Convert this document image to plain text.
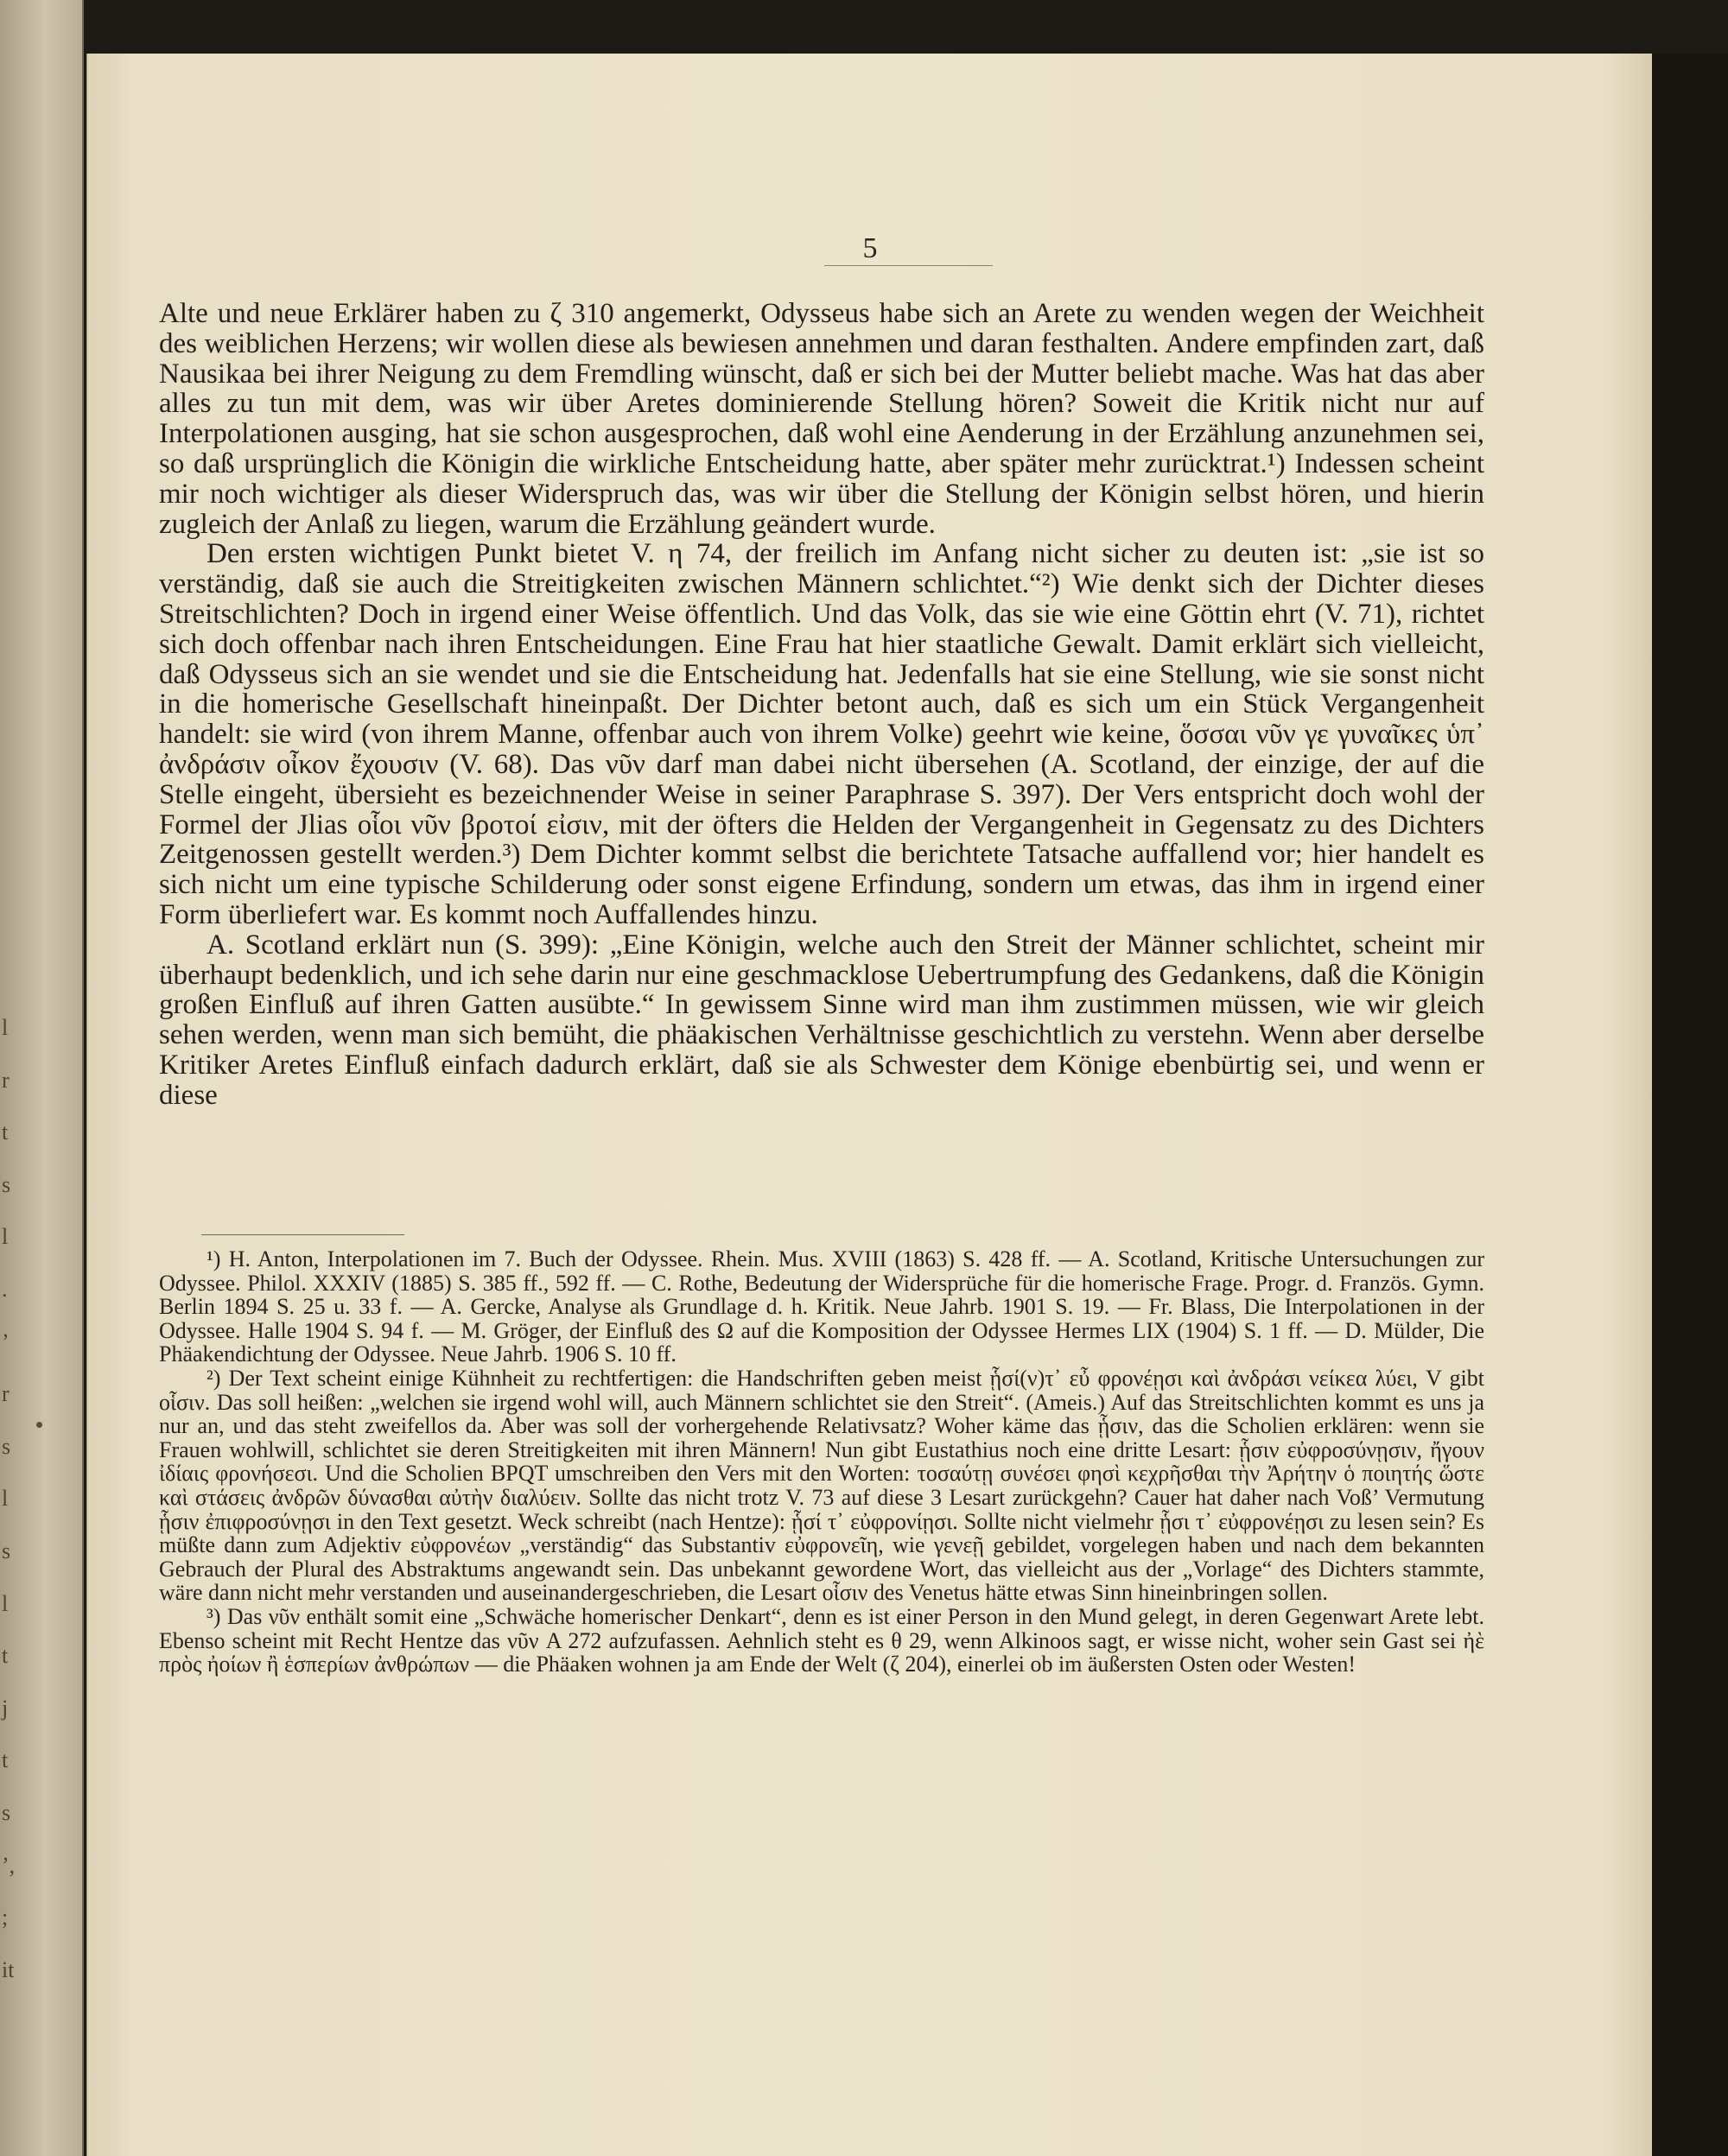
l
r
t
s
l
.
’
r
s
l
s
l
t
j
t
s
’,
;
it
5

Alte und neue Erklärer haben zu ζ 310 angemerkt, Odysseus habe sich an Arete zu wenden wegen der Weichheit des weiblichen Herzens; wir wollen diese als bewiesen annehmen und daran festhalten. Andere empfinden zart, daß Nausikaa bei ihrer Neigung zu dem Fremdling wünscht, daß er sich bei der Mutter beliebt mache. Was hat das aber alles zu tun mit dem, was wir über Aretes dominierende Stellung hören? Soweit die Kritik nicht nur auf Interpolationen ausging, hat sie schon ausgesprochen, daß wohl eine Aenderung in der Erzählung anzunehmen sei, so daß ursprünglich die Königin die wirkliche Entscheidung hatte, aber später mehr zurücktrat.¹) Indessen scheint mir noch wichtiger als dieser Widerspruch das, was wir über die Stellung der Königin selbst hören, und hierin zugleich der Anlaß zu liegen, warum die Erzählung geändert wurde.

Den ersten wichtigen Punkt bietet V. η 74, der freilich im Anfang nicht sicher zu deuten ist: „sie ist so verständig, daß sie auch die Streitigkeiten zwischen Männern schlichtet.“²) Wie denkt sich der Dichter dieses Streitschlichten? Doch in irgend einer Weise öffentlich. Und das Volk, das sie wie eine Göttin ehrt (V. 71), richtet sich doch offenbar nach ihren Entscheidungen. Eine Frau hat hier staatliche Gewalt. Damit erklärt sich vielleicht, daß Odysseus sich an sie wendet und sie die Entscheidung hat. Jedenfalls hat sie eine Stellung, wie sie sonst nicht in die homerische Gesellschaft hineinpaßt. Der Dichter betont auch, daß es sich um ein Stück Vergangenheit handelt: sie wird (von ihrem Manne, offenbar auch von ihrem Volke) geehrt wie keine, ὅσσαι νῦν γε γυναῖκες ὑπ᾿ ἀνδράσιν οἶκον ἔχουσιν (V. 68). Das νῦν darf man dabei nicht übersehen (A. Scotland, der einzige, der auf die Stelle eingeht, übersieht es bezeichnender Weise in seiner Paraphrase S. 397). Der Vers entspricht doch wohl der Formel der Jlias οἷοι νῦν βροτοί εἰσιν, mit der öfters die Helden der Vergangenheit in Gegensatz zu des Dichters Zeitgenossen gestellt werden.³) Dem Dichter kommt selbst die berichtete Tatsache auffallend vor; hier handelt es sich nicht um eine typische Schilderung oder sonst eigene Erfindung, sondern um etwas, das ihm in irgend einer Form überliefert war. Es kommt noch Auffallendes hinzu.

A. Scotland erklärt nun (S. 399): „Eine Königin, welche auch den Streit der Männer schlichtet, scheint mir überhaupt bedenklich, und ich sehe darin nur eine geschmacklose Uebertrumpfung des Gedankens, daß die Königin großen Einfluß auf ihren Gatten ausübte.“ In gewissem Sinne wird man ihm zustimmen müssen, wie wir gleich sehen werden, wenn man sich bemüht, die phäakischen Verhältnisse geschichtlich zu verstehn. Wenn aber derselbe Kritiker Aretes Einfluß einfach dadurch erklärt, daß sie als Schwester dem Könige ebenbürtig sei, und wenn er diese

¹) H. Anton, Interpolationen im 7. Buch der Odyssee. Rhein. Mus. XVIII (1863) S. 428 ff. — A. Scotland, Kritische Untersuchungen zur Odyssee. Philol. XXXIV (1885) S. 385 ff., 592 ff. — C. Rothe, Bedeutung der Widersprüche für die homerische Frage. Progr. d. Französ. Gymn. Berlin 1894 S. 25 u. 33 f. — A. Gercke, Analyse als Grundlage d. h. Kritik. Neue Jahrb. 1901 S. 19. — Fr. Blass, Die Interpolationen in der Odyssee. Halle 1904 S. 94 f. — M. Gröger, der Einfluß des Ω auf die Komposition der Odyssee Hermes LIX (1904) S. 1 ff. — D. Mülder, Die Phäakendichtung der Odyssee. Neue Jahrb. 1906 S. 10 ff.

²) Der Text scheint einige Kühnheit zu rechtfertigen: die Handschriften geben meist ᾗσί(ν)τ᾿ εὖ φρονέῃσι καὶ ἀνδράσι νείκεα λύει, V gibt οἷσιν. Das soll heißen: „welchen sie irgend wohl will, auch Männern schlichtet sie den Streit“. (Ameis.) Auf das Streitschlichten kommt es uns ja nur an, und das steht zweifellos da. Aber was soll der vorhergehende Relativsatz? Woher käme das ᾗσιν, das die Scholien erklären: wenn sie Frauen wohlwill, schlichtet sie deren Streitigkeiten mit ihren Männern! Nun gibt Eustathius noch eine dritte Lesart: ᾗσιν εὐφροσύνῃσιν, ἤγουν ἰδίαις φρονήσεσι. Und die Scholien BPQT umschreiben den Vers mit den Worten: τοσαύτῃ συνέσει φησὶ κεχρῆσθαι τὴν Ἀρήτην ὁ ποιητής ὥστε καὶ στάσεις ἀνδρῶν δύνασθαι αὐτὴν διαλύειν. Sollte das nicht trotz V. 73 auf diese 3 Lesart zurückgehn? Cauer hat daher nach Voß’ Vermutung ᾗσιν ἐπιφροσύνῃσι in den Text gesetzt. Weck schreibt (nach Hentze): ᾗσί τ᾿ εὐφρονίῃσι. Sollte nicht vielmehr ᾗσι τ᾿ εὐφρονέῃσι zu lesen sein? Es müßte dann zum Adjektiv εὐφρονέων „verständig“ das Substantiv εὐφρονεῖη, wie γενεῇ gebildet, vorgelegen haben und nach dem bekannten Gebrauch der Plural des Abstraktums angewandt sein. Das unbekannt gewordene Wort, das vielleicht aus der „Vorlage“ des Dichters stammte, wäre dann nicht mehr verstanden und auseinandergeschrieben, die Lesart οἷσιν des Venetus hätte etwas Sinn hineinbringen sollen.

³) Das νῦν enthält somit eine „Schwäche homerischer Denkart“, denn es ist einer Person in den Mund gelegt, in deren Gegenwart Arete lebt. Ebenso scheint mit Recht Hentze das νῦν A 272 aufzufassen. Aehnlich steht es θ 29, wenn Alkinoos sagt, er wisse nicht, woher sein Gast sei ἠὲ πρὸς ἠοίων ἢ ἑσπερίων ἀνθρώπων — die Phäaken wohnen ja am Ende der Welt (ζ 204), einerlei ob im äußersten Osten oder Westen!
